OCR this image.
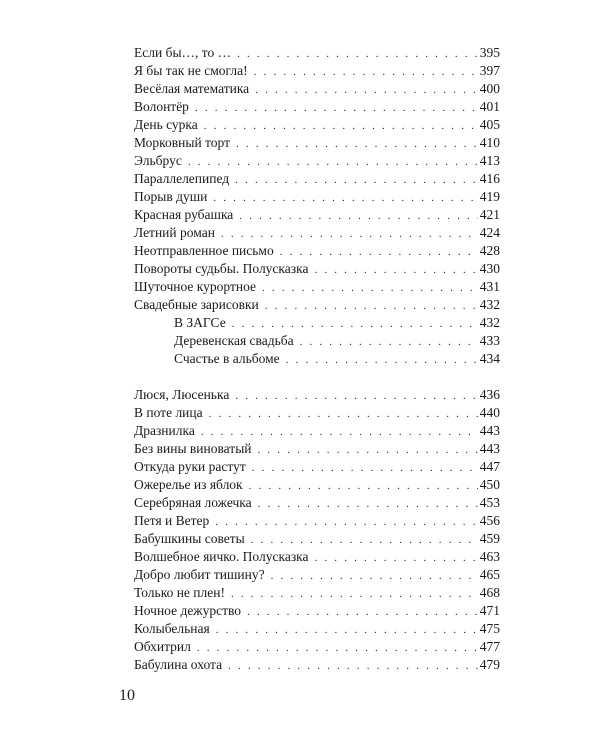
Если бы…, то … . . .	395
Я бы так не смогла! . . .	397
Весёлая математика . . .	400
Волонтёр . . .	401
День сурка . . .	405
Морковный торт . . .	410
Эльбрус . . .	413
Параллелепипед . . .	416
Порыв души . . .	419
Красная рубашка . . .	421
Летний роман . . .	424
Неотправленное письмо . . .	428
Повороты судьбы. Полусказка . . .	430
Шуточное курортное . . .	431
Свадебные зарисовки . . .	432
В ЗАГСе . . .	432
Деревенская свадьба . . .	433
Счастье в альбоме . . .	434
Люся, Люсенька . . .	436
В поте лица . . .	440
Дразнилка . . .	443
Без вины виноватый . . .	443
Откуда руки растут . . .	447
Ожерелье из яблок . . .	450
Серебряная ложечка . . .	453
Петя и Ветер . . .	456
Бабушкины советы . . .	459
Волшебное яичко. Полусказка . . .	463
Добро любит тишину? . . .	465
Только не плен! . . .	468
Ночное дежурство . . .	471
Колыбельная . . .	475
Обхитрил . . .	477
Бабулина охота . . .	479
10
